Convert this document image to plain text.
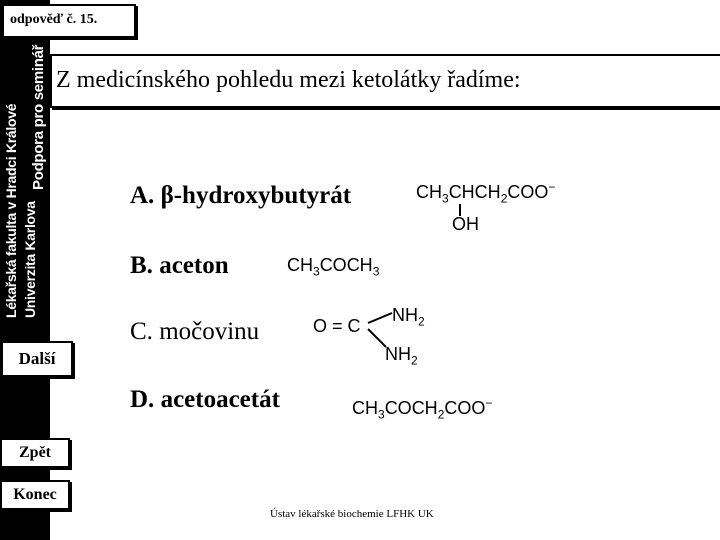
Lékařská fakulta v Hradci Králové Univerzita Karlova
Podpora pro seminář
odpověď č. 15.
Z medicínského pohledu mezi ketolátky řadíme:
A. β-hydroxybutyrát
B. aceton
C. močovinu
D. acetoacetát
$CH_3CHCH_2COO^-$
OH
$CH_3COCH_3$
O = C
$NH_2$
$NH_2$
$CH_3COCH_2COO^-$
Další
Zpět
Konec
Ústav lékařské biochemie LFHK UK
